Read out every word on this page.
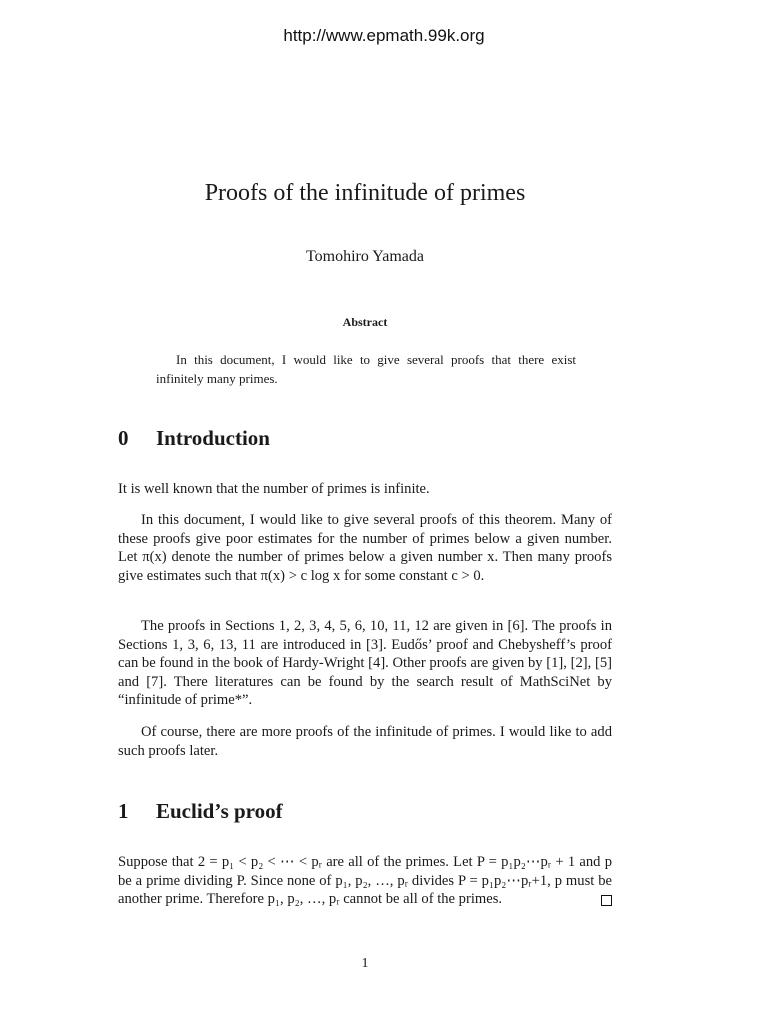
http://www.epmath.99k.org
Proofs of the infinitude of primes
Tomohiro Yamada
Abstract
In this document, I would like to give several proofs that there exist infinitely many primes.
0 Introduction
It is well known that the number of primes is infinite.
In this document, I would like to give several proofs of this theorem. Many of these proofs give poor estimates for the number of primes below a given number. Let π(x) denote the number of primes below a given number x. Then many proofs give estimates such that π(x) > c log x for some constant c > 0.
The proofs in Sections 1, 2, 3, 4, 5, 6, 10, 11, 12 are given in [6]. The proofs in Sections 1, 3, 6, 13, 11 are introduced in [3]. Eudős’ proof and Chebysheff’s proof can be found in the book of Hardy-Wright [4]. Other proofs are given by [1], [2], [5] and [7]. There literatures can be found by the search result of MathSciNet by “infinitude of prime*”.
Of course, there are more proofs of the infinitude of primes. I would like to add such proofs later.
1 Euclid’s proof
Suppose that 2 = p₁ < p₂ < ⋯ < pᵣ are all of the primes. Let P = p₁p₂⋯pᵣ + 1 and p be a prime dividing P. Since none of p₁, p₂, …, pᵣ divides P = p₁p₂⋯pᵣ+1, p must be another prime. Therefore p₁, p₂, …, pᵣ cannot be all of the primes.
1
